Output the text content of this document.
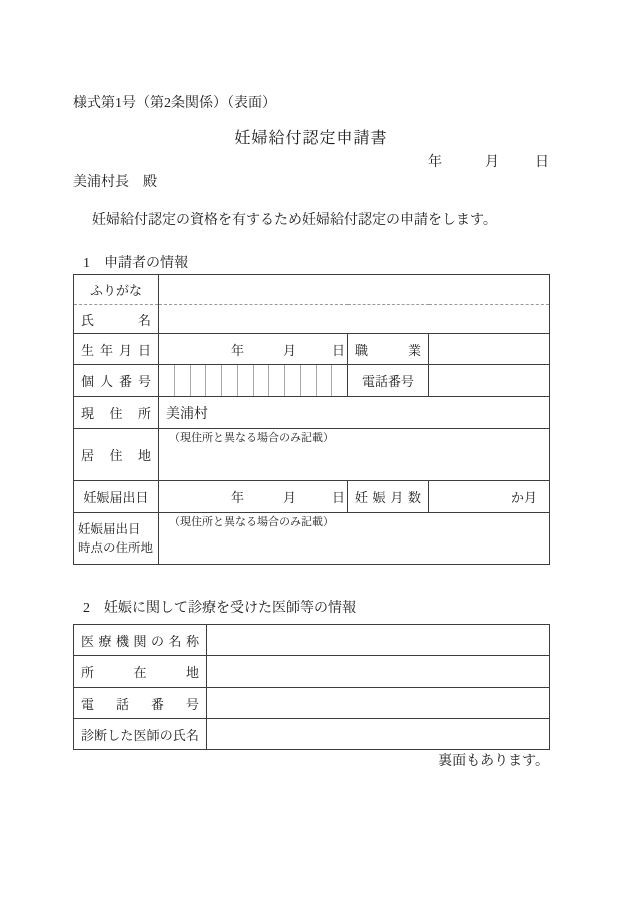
様式第1号（第2条関係）（表面）
妊婦給付認定申請書
年	月	日
美浦村長　殿
妊婦給付認定の資格を有するため妊婦給付認定の申請をします。
1　申請者の情報
ふりがな			
氏名			
生年月日	年 月 日	職業	
個人番号		電話番号	
現住所	美浦村		
居住地	（現住所と異なる場合のみ記載）		

妊娠届出日	年 月 日	妊娠月数	か月

妊娠届出日
時点の住所地	（現住所と異なる場合のみ記載）		
2　妊娠に関して診療を受けた医師等の情報
医療機関の名称	
所在地	
電話番号	
診断した医師の氏名	
裏面もあります。
